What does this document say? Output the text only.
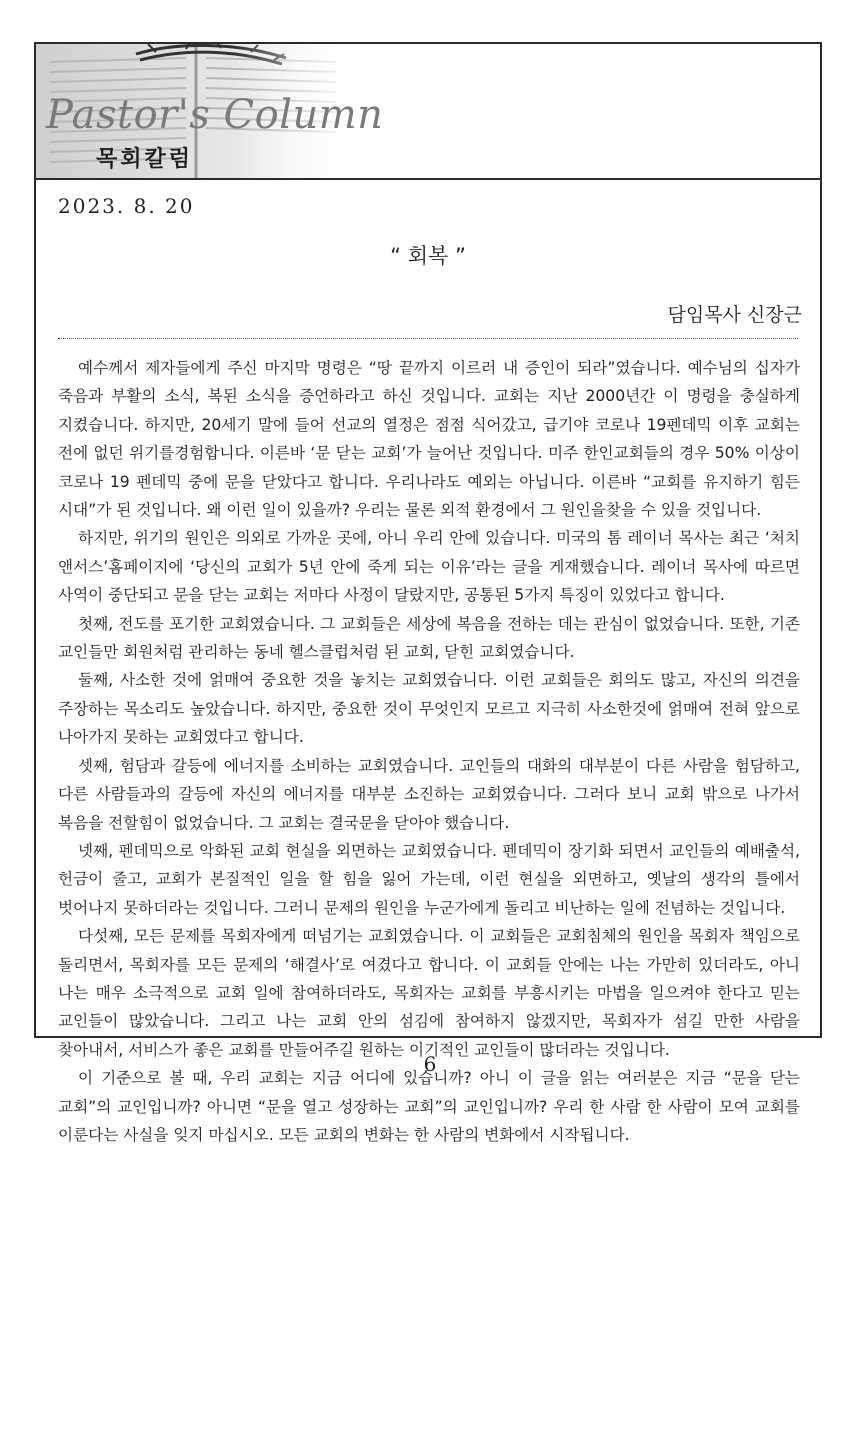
Pastor's Column
목회칼럼
2023. 8. 20
“ 회복 ”
담임목사 신장근

예수께서 제자들에게 주신 마지막 명령은 “땅 끝까지 이르러 내 증인이 되라”였습니다. 예수님의 십자가 죽음과 부활의 소식, 복된 소식을 증언하라고 하신 것입니다. 교회는 지난 2000년간 이 명령을 충실하게 지켰습니다. 하지만, 20세기 말에 들어 선교의 열정은 점점 식어갔고, 급기야 코로나 19펜데믹 이후 교회는 전에 없던 위기를경험합니다. 이른바 ‘문 닫는 교회’가 늘어난 것입니다. 미주 한인교회들의 경우 50% 이상이 코로나 19 펜데믹 중에 문을 닫았다고 합니다. 우리나라도 예외는 아닙니다. 이른바 “교회를 유지하기 힘든 시대”가 된 것입니다. 왜 이런 일이 있을까? 우리는 물론 외적 환경에서 그 원인을찾을 수 있을 것입니다.

하지만, 위기의 원인은 의외로 가까운 곳에, 아니 우리 안에 있습니다. 미국의 톰 레이너 목사는 최근 ‘처치 앤서스’홈페이지에 ‘당신의 교회가 5년 안에 죽게 되는 이유’라는 글을 게재했습니다. 레이너 목사에 따르면 사역이 중단되고 문을 닫는 교회는 저마다 사정이 달랐지만, 공통된 5가지 특징이 있었다고 합니다.

첫째, 전도를 포기한 교회였습니다. 그 교회들은 세상에 복음을 전하는 데는 관심이 없었습니다. 또한, 기존 교인들만 회원처럼 관리하는 동네 헬스클럽처럼 된 교회, 닫힌 교회였습니다.

둘째, 사소한 것에 얽매여 중요한 것을 놓치는 교회였습니다. 이런 교회들은 회의도 많고, 자신의 의견을 주장하는 목소리도 높았습니다. 하지만, 중요한 것이 무엇인지 모르고 지극히 사소한것에 얽매여 전혀 앞으로 나아가지 못하는 교회였다고 합니다.

셋째, 험담과 갈등에 에너지를 소비하는 교회였습니다. 교인들의 대화의 대부분이 다른 사람을 험담하고, 다른 사람들과의 갈등에 자신의 에너지를 대부분 소진하는 교회였습니다. 그러다 보니 교회 밖으로 나가서 복음을 전할힘이 없었습니다. 그 교회는 결국문을 닫아야 했습니다.

넷째, 펜데믹으로 악화된 교회 현실을 외면하는 교회였습니다. 펜데믹이 장기화 되면서 교인들의 예배출석, 헌금이 줄고, 교회가 본질적인 일을 할 힘을 잃어 가는데, 이런 현실을 외면하고, 옛날의 생각의 틀에서 벗어나지 못하더라는 것입니다. 그러니 문제의 원인을 누군가에게 돌리고 비난하는 일에 전념하는 것입니다.

다섯째, 모든 문제를 목회자에게 떠넘기는 교회였습니다. 이 교회들은 교회침체의 원인을 목회자 책임으로 돌리면서, 목회자를 모든 문제의 ‘해결사’로 여겼다고 합니다. 이 교회들 안에는 나는 가만히 있더라도, 아니 나는 매우 소극적으로 교회 일에 참여하더라도, 목회자는 교회를 부흥시키는 마법을 일으켜야 한다고 믿는 교인들이 많았습니다. 그리고 나는 교회 안의 섬김에 참여하지 않겠지만, 목회자가 섬길 만한 사람을 찾아내서, 서비스가 좋은 교회를 만들어주길 원하는 이기적인 교인들이 많더라는 것입니다.

이 기준으로 볼 때, 우리 교회는 지금 어디에 있습니까? 아니 이 글을 읽는 여러분은 지금 “문을 닫는 교회”의 교인입니까? 아니면 “문을 열고 성장하는 교회”의 교인입니까? 우리 한 사람 한 사람이 모여 교회를 이룬다는 사실을 잊지 마십시오. 모든 교회의 변화는 한 사람의 변화에서 시작됩니다.

6
